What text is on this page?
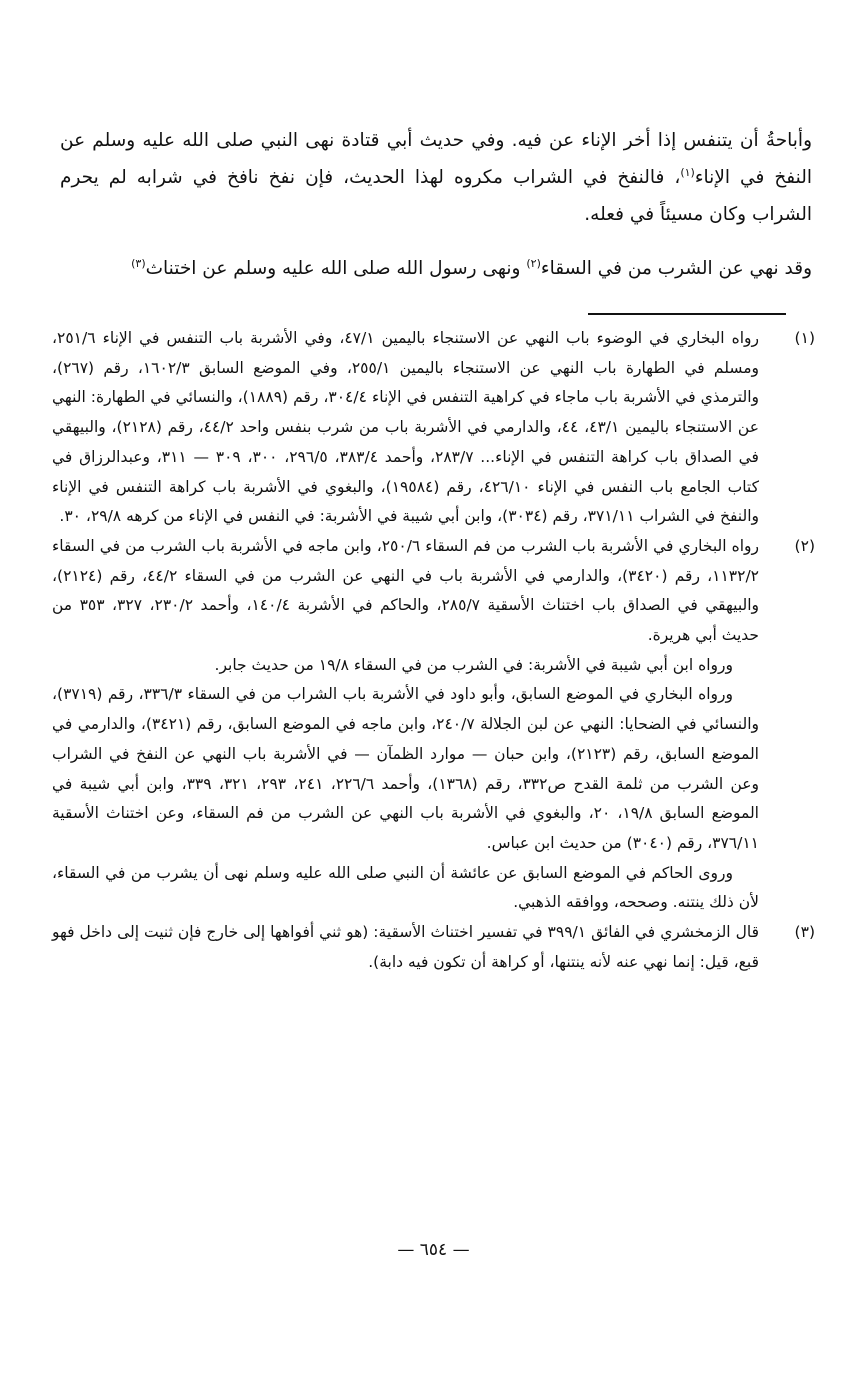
وأباحةُ أن يتنفس إذا أخر الإناء عن فيه. وفي حديث أبي قتادة نهى النبي صلى الله عليه وسلم عن النفخ في الإناء$^{(١)}$، فالنفخ في الشراب مكروه لهذا الحديث، فإن نفخ نافخ في شرابه لم يحرم الشراب وكان مسيئاً في فعله.

وقد نهي عن الشرب من في السقاء$^{(٢)}$ ونهى رسول الله صلى الله عليه وسلم عن اختناث$^{(٣)}$

(١)

رواه البخاري في الوضوء باب النهي عن الاستنجاء باليمين ٤٧/١، وفي الأشربة باب التنفس في الإناء ٢٥١/٦، ومسلم في الطهارة باب النهي عن الاستنجاء باليمين ٢٥٥/١، وفي الموضع السابق ١٦٠٢/٣، رقم (٢٦٧)، والترمذي في الأشربة باب ماجاء في كراهية التنفس في الإناء ٣٠٤/٤، رقم (١٨٨٩)، والنسائي في الطهارة: النهي عن الاستنجاء باليمين ٤٣/١، ٤٤، والدارمي في الأشربة باب من شرب بنفس واحد ٤٤/٢، رقم (٢١٢٨)، والبيهقي في الصداق باب كراهة التنفس في الإناء... ٢٨٣/٧، وأحمد ٣٨٣/٤، ٢٩٦/٥، ٣٠٠، ٣٠٩ — ٣١١، وعبدالرزاق في كتاب الجامع باب النفس في الإناء ٤٢٦/١٠، رقم (١٩٥٨٤)، والبغوي في الأشربة باب كراهة التنفس في الإناء والنفخ في الشراب ٣٧١/١١، رقم (٣٠٣٤)، وابن أبي شيبة في الأشربة: في النفس في الإناء من كرهه ٢٩/٨، ٣٠.

(٢)

رواه البخاري في الأشربة باب الشرب من فم السقاء ٢٥٠/٦، وابن ماجه في الأشربة باب الشرب من في السقاء ١١٣٢/٢، رقم (٣٤٢٠)، والدارمي في الأشربة باب في النهي عن الشرب من في السقاء ٤٤/٢، رقم (٢١٢٤)، والبيهقي في الصداق باب اختناث الأسقية ٢٨٥/٧، والحاكم في الأشربة ١٤٠/٤، وأحمد ٢٣٠/٢، ٣٢٧، ٣٥٣ من حديث أبي هريرة.

ورواه ابن أبي شيبة في الأشربة: في الشرب من في السقاء ١٩/٨ من حديث جابر.

ورواه البخاري في الموضع السابق، وأبو داود في الأشربة باب الشراب من في السقاء ٣٣٦/٣، رقم (٣٧١٩)، والنسائي في الضحايا: النهي عن لبن الجلالة ٢٤٠/٧، وابن ماجه في الموضع السابق، رقم (٣٤٢١)، والدارمي في الموضع السابق، رقم (٢١٢٣)، وابن حبان — موارد الظمآن — في الأشربة باب النهي عن النفخ في الشراب وعن الشرب من ثلمة القدح ص٣٣٢، رقم (١٣٦٨)، وأحمد ٢٢٦/٦، ٢٤١، ٢٩٣، ٣٢١، ٣٣٩، وابن أبي شيبة في الموضع السابق ١٩/٨، ٢٠، والبغوي في الأشربة باب النهي عن الشرب من فم السقاء، وعن اختناث الأسقية ٣٧٦/١١، رقم (٣٠٤٠) من حديث ابن عباس.

وروى الحاكم في الموضع السابق عن عائشة أن النبي صلى الله عليه وسلم نهى أن يشرب من في السقاء، لأن ذلك ينتنه. وصححه، ووافقه الذهبي.

(٣)

قال الزمخشري في الفائق ٣٩٩/١ في تفسير اختناث الأسقية: (هو ثني أفواهها إلى خارج فإن ثنيت إلى داخل فهو قبع، قيل: إنما نهي عنه لأنه ينتنها، أو كراهة أن تكون فيه دابة).

— ٦٥٤ —
